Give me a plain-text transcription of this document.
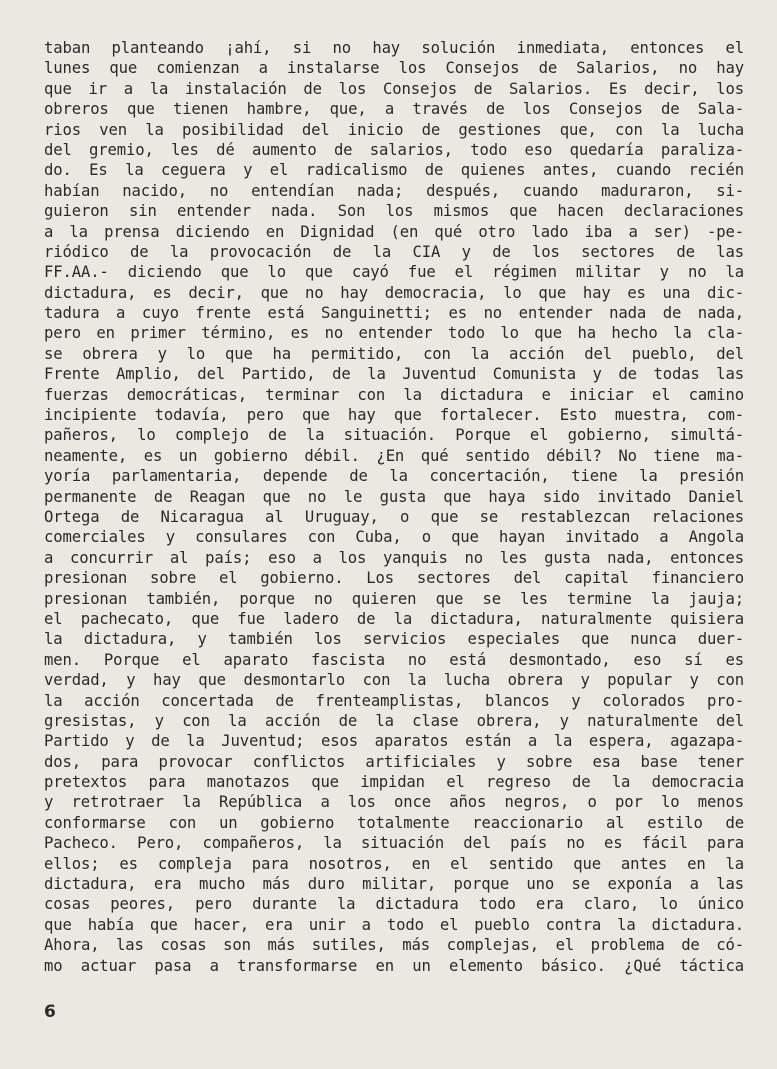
taban planteando ¡ahí, si no hay solución inmediata, entonces el
lunes que comienzan a instalarse los Consejos de Salarios, no hay
que ir a la instalación de los Consejos de Salarios. Es decir, los
obreros que tienen hambre, que, a través de los Consejos de Sala-
rios ven la posibilidad del inicio de gestiones que, con la lucha
del gremio, les dé aumento de salarios, todo eso quedaría paraliza-
do. Es la ceguera y el radicalismo de quienes antes, cuando recién
habían nacido, no entendían nada; después, cuando maduraron, si-
guieron sin entender nada. Son los mismos que hacen declaraciones
a la prensa diciendo en Dignidad (en qué otro lado iba a ser) -pe-
riódico de la provocación de la CIA y de los sectores de las
FF.AA.- diciendo que lo que cayó fue el régimen militar y no la
dictadura, es decir, que no hay democracia, lo que hay es una dic-
tadura a cuyo frente está Sanguinetti; es no entender nada de nada,
pero en primer término, es no entender todo lo que ha hecho la cla-
se obrera y lo que ha permitido, con la acción del pueblo, del
Frente Amplio, del Partido, de la Juventud Comunista y de todas las
fuerzas democráticas, terminar con la dictadura e iniciar el camino
incipiente todavía, pero que hay que fortalecer. Esto muestra, com-
pañeros, lo complejo de la situación. Porque el gobierno, simultá-
neamente, es un gobierno débil. ¿En qué sentido débil? No tiene ma-
yoría parlamentaria, depende de la concertación, tiene la presión
permanente de Reagan que no le gusta que haya sido invitado Daniel
Ortega de Nicaragua al Uruguay, o que se restablezcan relaciones
comerciales y consulares con Cuba, o que hayan invitado a Angola
a concurrir al país; eso a los yanquis no les gusta nada, entonces
presionan sobre el gobierno. Los sectores del capital financiero
presionan también, porque no quieren que se les termine la jauja;
el pachecato, que fue ladero de la dictadura, naturalmente quisiera
la dictadura, y también los servicios especiales que nunca duer-
men. Porque el aparato fascista no está desmontado, eso sí es
verdad, y hay que desmontarlo con la lucha obrera y popular y con
la acción concertada de frenteamplistas, blancos y colorados pro-
gresistas, y con la acción de la clase obrera, y naturalmente del
Partido y de la Juventud; esos aparatos están a la espera, agazapa-
dos, para provocar conflictos artificiales y sobre esa base tener
pretextos para manotazos que impidan el regreso de la democracia
y retrotraer la República a los once años negros, o por lo menos
conformarse con un gobierno totalmente reaccionario al estilo de
Pacheco. Pero, compañeros, la situación del país no es fácil para
ellos; es compleja para nosotros, en el sentido que antes en la
dictadura, era mucho más duro militar, porque uno se exponía a las
cosas peores, pero durante la dictadura todo era claro, lo único
que había que hacer, era unir a todo el pueblo contra la dictadura.
Ahora, las cosas son más sutiles, más complejas, el problema de có-
mo actuar pasa a transformarse en un elemento básico. ¿Qué táctica
6
